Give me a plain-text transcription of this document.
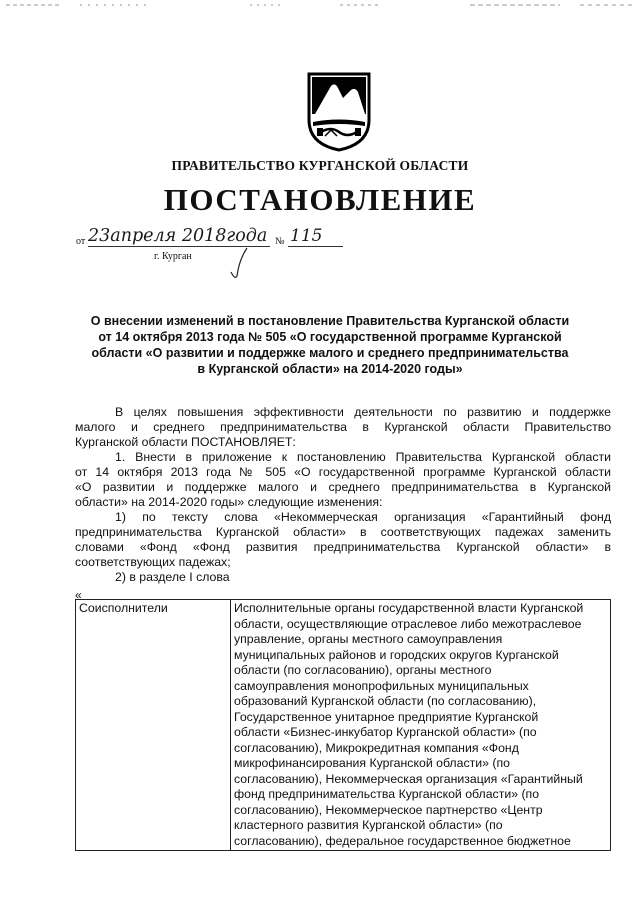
ПРАВИТЕЛЬСТВО КУРГАНСКОЙ ОБЛАСТИ
ПОСТАНОВЛЕНИЕ
от 23апреля 2018года № 115
г. Курган
О внесении изменений в постановление Правительства Курганской области
от 14 октября 2013 года № 505 «О государственной программе Курганской
области «О развитии и поддержке малого и среднего предпринимательства
в Курганской области» на 2014-2020 годы»
В целях повышения эффективности деятельности по развитию и поддержке
малого и среднего предпринимательства в Курганской области Правительство
Курганской области ПОСТАНОВЛЯЕТ:
1. Внести в приложение к постановлению Правительства Курганской области
от 14 октября 2013 года № 505 «О государственной программе Курганской области
«О развитии и поддержке малого и среднего предпринимательства в Курганской
области» на 2014-2020 годы» следующие изменения:
1) по тексту слова «Некоммерческая организация «Гарантийный фонд
предпринимательства Курганской области» в соответствующих падежах заменить
словами «Фонд «Фонд развития предпринимательства Курганской области» в
соответствующих падежах;
2) в разделе I слова
«
Соисполнители	Исполнительные органы государственной власти Курганской
области, осуществляющие отраслевое либо межотраслевое
управление, органы местного самоуправления
муниципальных районов и городских округов Курганской
области (по согласованию), органы местного
самоуправления монопрофильных муниципальных
образований Курганской области (по согласованию),
Государственное унитарное предприятие Курганской
области «Бизнес-инкубатор Курганской области» (по
согласованию), Микрокредитная компания «Фонд
микрофинансирования Курганской области» (по
согласованию), Некоммерческая организация «Гарантийный
фонд предпринимательства Курганской области» (по
согласованию), Некоммерческое партнерство «Центр
кластерного развития Курганской области» (по
согласованию), федеральное государственное бюджетное
